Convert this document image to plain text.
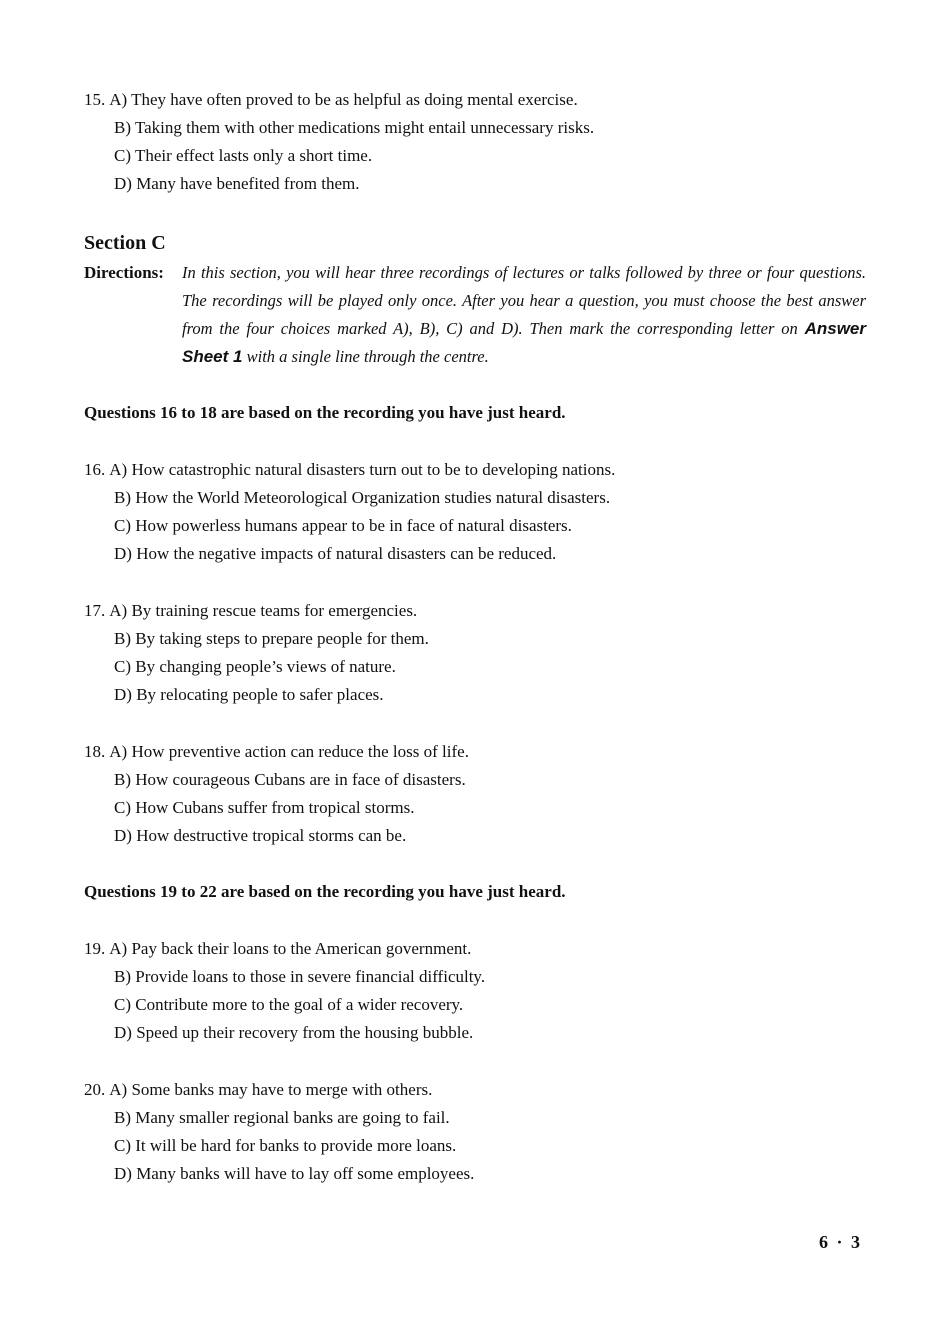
15. A) They have often proved to be as helpful as doing mental exercise.
B) Taking them with other medications might entail unnecessary risks.
C) Their effect lasts only a short time.
D) Many have benefited from them.
Section C
Directions: In this section, you will hear three recordings of lectures or talks followed by three or four questions. The recordings will be played only once. After you hear a question, you must choose the best answer from the four choices marked A), B), C) and D). Then mark the corresponding letter on Answer Sheet 1 with a single line through the centre.
Questions 16 to 18 are based on the recording you have just heard.
16. A) How catastrophic natural disasters turn out to be to developing nations.
B) How the World Meteorological Organization studies natural disasters.
C) How powerless humans appear to be in face of natural disasters.
D) How the negative impacts of natural disasters can be reduced.
17. A) By training rescue teams for emergencies.
B) By taking steps to prepare people for them.
C) By changing people’s views of nature.
D) By relocating people to safer places.
18. A) How preventive action can reduce the loss of life.
B) How courageous Cubans are in face of disasters.
C) How Cubans suffer from tropical storms.
D) How destructive tropical storms can be.
Questions 19 to 22 are based on the recording you have just heard.
19. A) Pay back their loans to the American government.
B) Provide loans to those in severe financial difficulty.
C) Contribute more to the goal of a wider recovery.
D) Speed up their recovery from the housing bubble.
20. A) Some banks may have to merge with others.
B) Many smaller regional banks are going to fail.
C) It will be hard for banks to provide more loans.
D) Many banks will have to lay off some employees.
6 · 3
